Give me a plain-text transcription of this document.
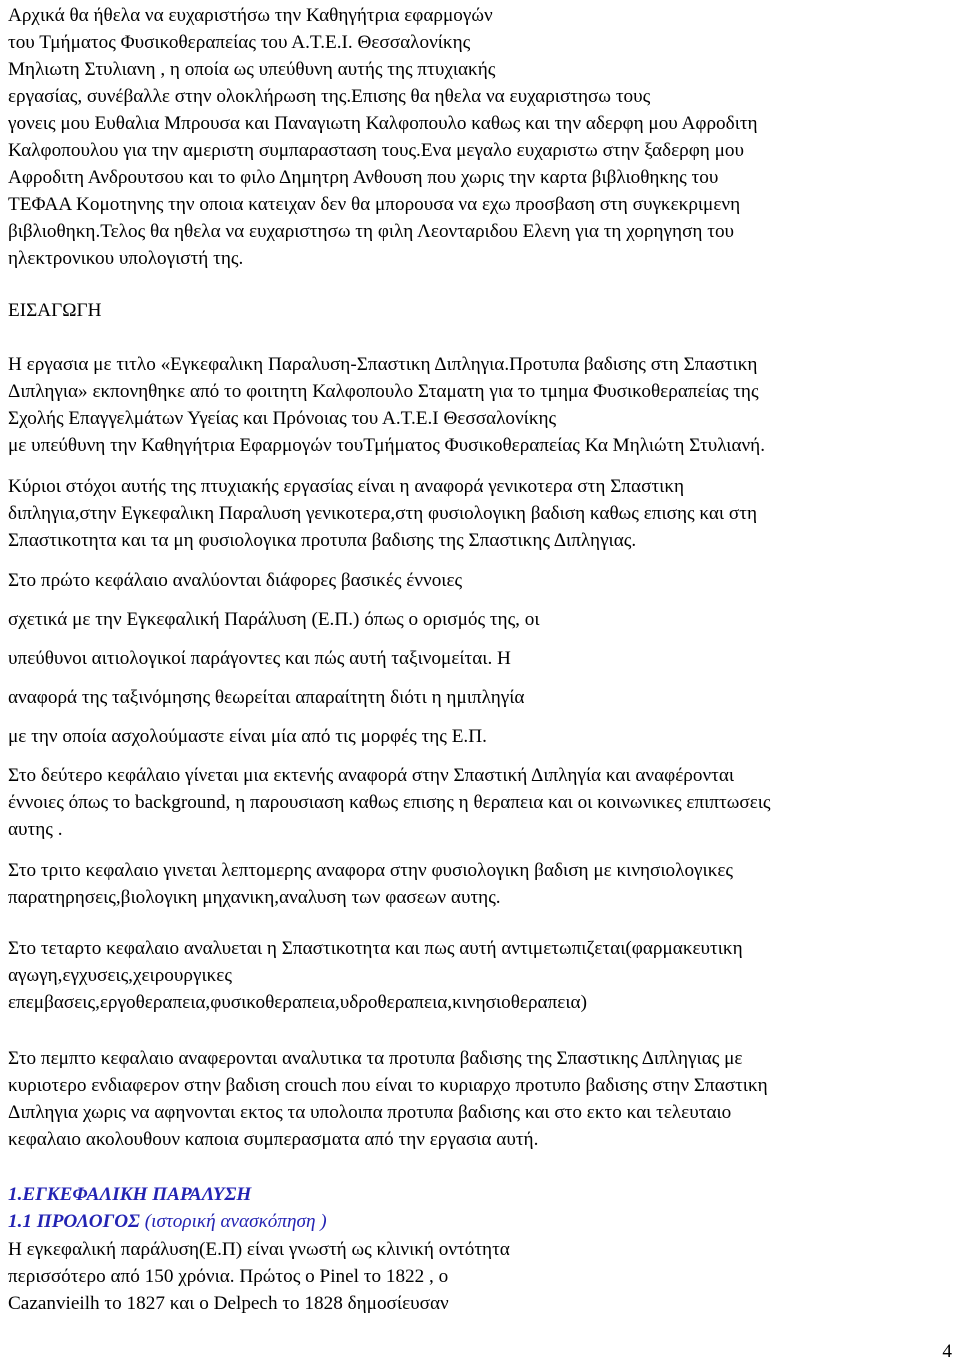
Αρχικά θα ήθελα να ευχαριστήσω την Καθηγήτρια εφαρμογών
του Τμήματος Φυσικοθεραπείας του Α.Τ.Ε.Ι. Θεσσαλονίκης
Μηλιωτη Στυλιανη , η οποία ως υπεύθυνη αυτής της πτυχιακής
εργασίας, συνέβαλλε στην ολοκλήρωση της.Επισης θα ηθελα να ευχαριστησω τους
γονεις μου Ευθαλια Μπρουσα και Παναγιωτη Καλφοπουλο καθως και την αδερφη μου Αφροδιτη
Καλφοπουλου για την αμεριστη συμπαρασταση τους.Ενα μεγαλο ευχαριστω στην ξαδερφη μου
Αφροδιτη Ανδρουτσου και το φιλο Δημητρη Ανθουση που χωρις την καρτα βιβλιοθηκης του
ΤΕΦΑΑ Κομοτηνης την οποια κατειχαν δεν θα μπορουσα να εχω προσβαση στη συγκεκριμενη
βιβλιοθηκη.Τελος θα ηθελα να ευχαριστησω τη φιλη Λεονταριδου Ελενη για τη χορηγηση του
ηλεκτρονικου υπολογιστή της.
ΕΙΣΑΓΩΓΗ
Η εργασια με τιτλο «Εγκεφαλικη Παραλυση-Σπαστικη Διπληγια.Προτυπα βαδισης στη Σπαστικη
Διπληγια» εκπονηθηκε από το φοιτητη Καλφοπουλο Σταματη για το τμημα Φυσικοθεραπείας της
Σχολής Επαγγελμάτων Υγείας και Πρόνοιας του Α.Τ.Ε.Ι Θεσσαλονίκης
με υπεύθυνη την Καθηγήτρια Εφαρμογών τουΤμήματος Φυσικοθεραπείας Κα Μηλιώτη Στυλιανή.
Κύριοι στόχοι αυτής της πτυχιακής εργασίας είναι η αναφορά γενικοτερα στη Σπαστικη
διπληγια,στην Εγκεφαλικη Παραλυση γενικοτερα,στη φυσιολογικη βαδιση καθως επισης και στη
Σπαστικοτητα και τα μη φυσιολογικα προτυπα βαδισης της Σπαστικης Διπληγιας.
Στο πρώτο κεφάλαιο αναλύονται διάφορες βασικές έννοιες
σχετικά με την Εγκεφαλική Παράλυση (Ε.Π.) όπως ο ορισμός της, οι
υπεύθυνοι αιτιολογικοί παράγοντες και πώς αυτή ταξινομείται. Η
αναφορά της ταξινόμησης θεωρείται απαραίτητη διότι η ημιπληγία
με την οποία ασχολούμαστε είναι μία από τις μορφές της Ε.Π.
Στο δεύτερο κεφάλαιο γίνεται μια εκτενής αναφορά στην Σπαστική Διπληγία και αναφέρονται
έννοιες όπως το background, η παρουσιαση καθως επισης η θεραπεια και οι κοινωνικες επιπτωσεις
αυτης .
Στο τριτο κεφαλαιο γινεται λεπτομερης αναφορα στην φυσιολογικη βαδιση με κινησιολογικες
παρατηρησεις,βιολογικη μηχανικη,αναλυση των φασεων αυτης.
Στο τεταρτο κεφαλαιο αναλυεται η Σπαστικοτητα και πως αυτή αντιμετωπιζεται(φαρμακευτικη
αγωγη,εγχυσεις,χειρουργικες
επεμβασεις,εργοθεραπεια,φυσικοθεραπεια,υδροθεραπεια,κινησιοθεραπεια)
Στο πεμπτο κεφαλαιο αναφερονται αναλυτικα τα προτυπα βαδισης της Σπαστικης Διπληγιας με
κυριοτερο ενδιαφερον στην βαδιση crouch που είναι το κυριαρχο προτυπο βαδισης στην Σπαστικη
Διπληγια χωρις να αφηνονται εκτος τα υπολοιπα προτυπα βαδισης και στο εκτο και τελευταιο
κεφαλαιο ακολουθουν καποια συμπερασματα από την εργασια αυτή.
1.ΕΓΚΕΦΑΛΙΚΗ ΠΑΡΑΛΥΣΗ
1.1 ΠΡΟΛΟΓΟΣ (ιστορική ανασκόπηση )
Η εγκεφαλική παράλυση(Ε.Π) είναι γνωστή ως κλινική οντότητα
περισσότερο από 150 χρόνια. Πρώτος ο Pinel το 1822 , ο
Cazanvieilh το 1827 και ο Delpech το 1828 δημοσίευσαν
4
